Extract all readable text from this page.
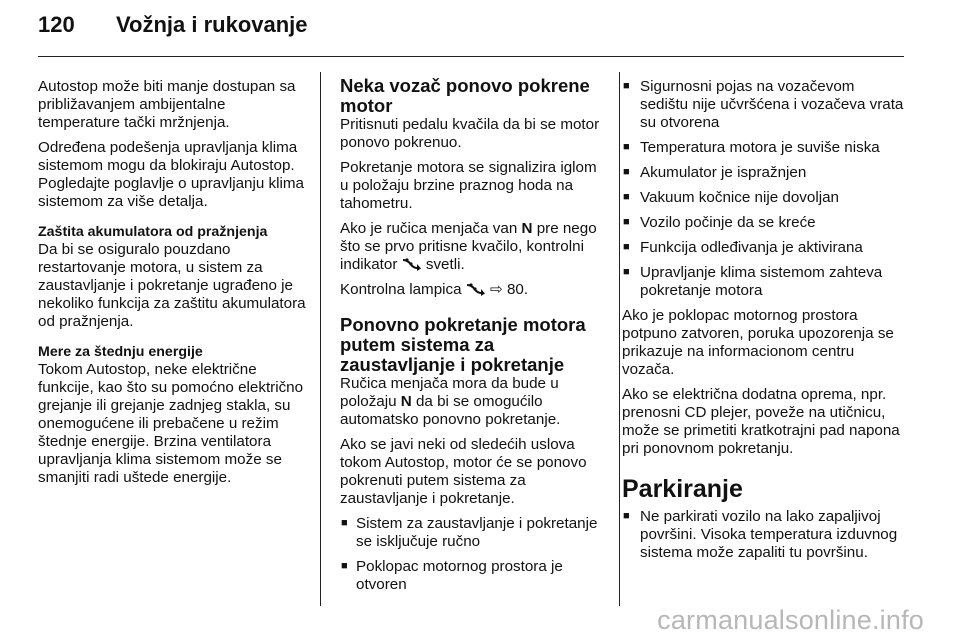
120 Vožnja i rukovanje

Autostop može biti manje dostupan sa približavanjem ambijentalne temperature tački mržnjenja.

Određena podešenja upravljanja klima sistemom mogu da blokiraju Autostop. Pogledajte poglavlje o upravljanju klima sistemom za više detalja.

Zaštita akumulatora od pražnjenja

Da bi se osiguralo pouzdano restartovanje motora, u sistem za zaustavljanje i pokretanje ugrađeno je nekoliko funkcija za zaštitu akumulatora od pražnjenja.

Mere za štednju energije

Tokom Autostop, neke električne funkcije, kao što su pomoćno električno grejanje ili grejanje zadnjeg stakla, su onemogućene ili prebačene u režim štednje energije. Brzina ventilatora upravljanja klima sistemom može se smanjiti radi uštede energije.

Neka vozač ponovo pokrene motor

Pritisnuti pedalu kvačila da bi se motor ponovo pokrenuo.

Pokretanje motora se signalizira iglom u položaju brzine praznog hoda na tahometru.

Ako je ručica menjača van N pre nego što se prvo pritisne kvačilo, kontrolni indikator  svetli.

Kontrolna lampica  ⇨ 80.

Ponovno pokretanje motora putem sistema za zaustavljanje i pokretanje

Ručica menjača mora da bude u položaju N da bi se omogućilo automatsko ponovno pokretanje.

Ako se javi neki od sledećih uslova tokom Autostop, motor će se ponovo pokrenuti putem sistema za zaustavljanje i pokretanje.

■ Sistem za zaustavljanje i pokretanje se isključuje ručno
■ Poklopac motornog prostora je otvoren
■ Sigurnosni pojas na vozačevom sedištu nije učvršćena i vozačeva vrata su otvorena
■ Temperatura motora je suviše niska
■ Akumulator je ispražnjen
■ Vakuum kočnice nije dovoljan
■ Vozilo počinje da se kreće
■ Funkcija odleđivanja je aktivirana
■ Upravljanje klima sistemom zahteva pokretanje motora

Ako je poklopac motornog prostora potpuno zatvoren, poruka upozorenja se prikazuje na informacionom centru vozača.

Ako se električna dodatna oprema, npr. prenosni CD plejer, poveže na utičnicu, može se primetiti kratkotrajni pad napona pri ponovnom pokretanju.

Parkiranje
■ Ne parkirati vozilo na lako zapaljivoj površini. Visoka temperatura izduvnog sistema može zapaliti tu površinu.
carmanualsonline.info
